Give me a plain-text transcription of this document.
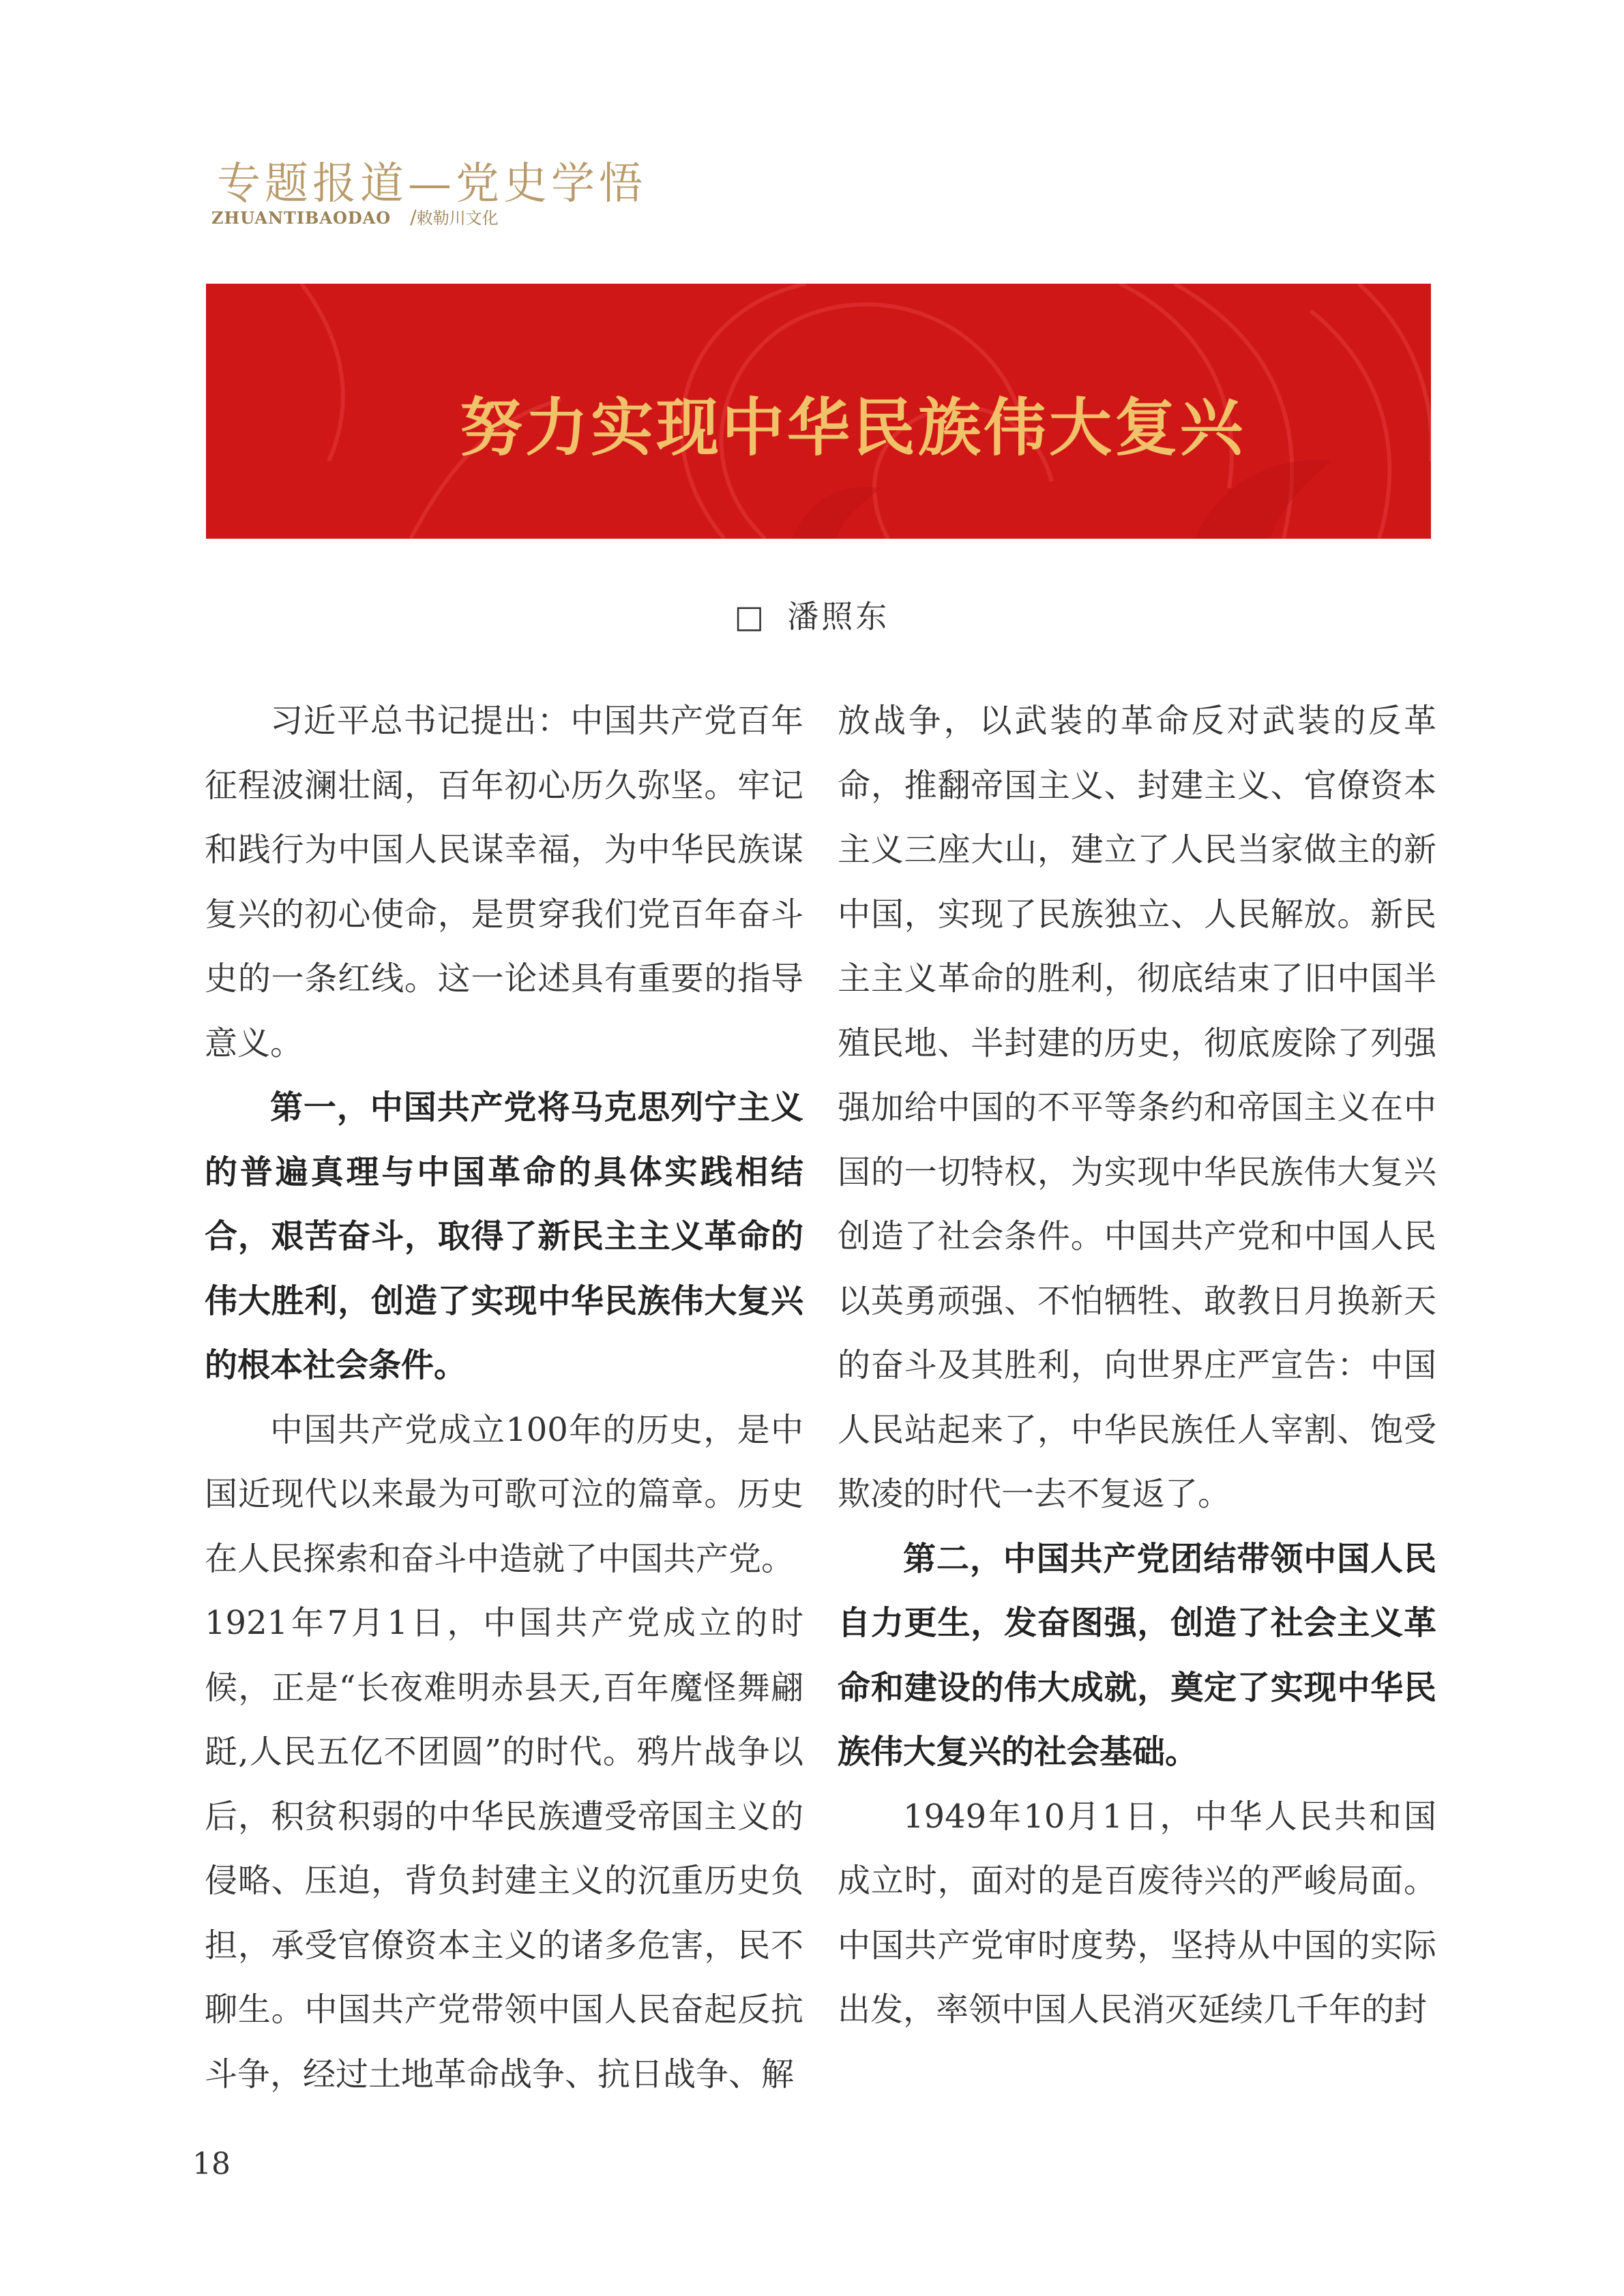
专题报道—党史学悟
ZHUANTIBAODAO /敕勒川文化
努力实现中华民族伟大复兴
□ 潘照东

习近平总书记提出：中国共产党百年征程波澜壮阔，百年初心历久弥坚。牢记和践行为中国人民谋幸福，为中华民族谋复兴的初心使命，是贯穿我们党百年奋斗史的一条红线。这一论述具有重要的指导意义。

第一，中国共产党将马克思列宁主义的普遍真理与中国革命的具体实践相结合，艰苦奋斗，取得了新民主主义革命的伟大胜利，创造了实现中华民族伟大复兴的根本社会条件。

中国共产党成立100年的历史，是中国近现代以来最为可歌可泣的篇章。历史在人民探索和奋斗中造就了中国共产党。

1921年7月1日，中国共产党成立的时候，正是“长夜难明赤县天,百年魔怪舞翩跹,人民五亿不团圆”的时代。鸦片战争以后，积贫积弱的中华民族遭受帝国主义的侵略、压迫，背负封建主义的沉重历史负担，承受官僚资本主义的诸多危害，民不聊生。中国共产党带领中国人民奋起反抗斗争，经过土地革命战争、抗日战争、解

放战争，以武装的革命反对武装的反革命，推翻帝国主义、封建主义、官僚资本主义三座大山，建立了人民当家做主的新中国，实现了民族独立、人民解放。新民主主义革命的胜利，彻底结束了旧中国半殖民地、半封建的历史，彻底废除了列强强加给中国的不平等条约和帝国主义在中国的一切特权，为实现中华民族伟大复兴创造了社会条件。中国共产党和中国人民以英勇顽强、不怕牺牲、敢教日月换新天的奋斗及其胜利，向世界庄严宣告：中国人民站起来了，中华民族任人宰割、饱受欺凌的时代一去不复返了。

第二，中国共产党团结带领中国人民自力更生，发奋图强，创造了社会主义革命和建设的伟大成就，奠定了实现中华民族伟大复兴的社会基础。

1949年10月1日，中华人民共和国成立时，面对的是百废待兴的严峻局面。中国共产党审时度势，坚持从中国的实际出发，率领中国人民消灭延续几千年的封

18
